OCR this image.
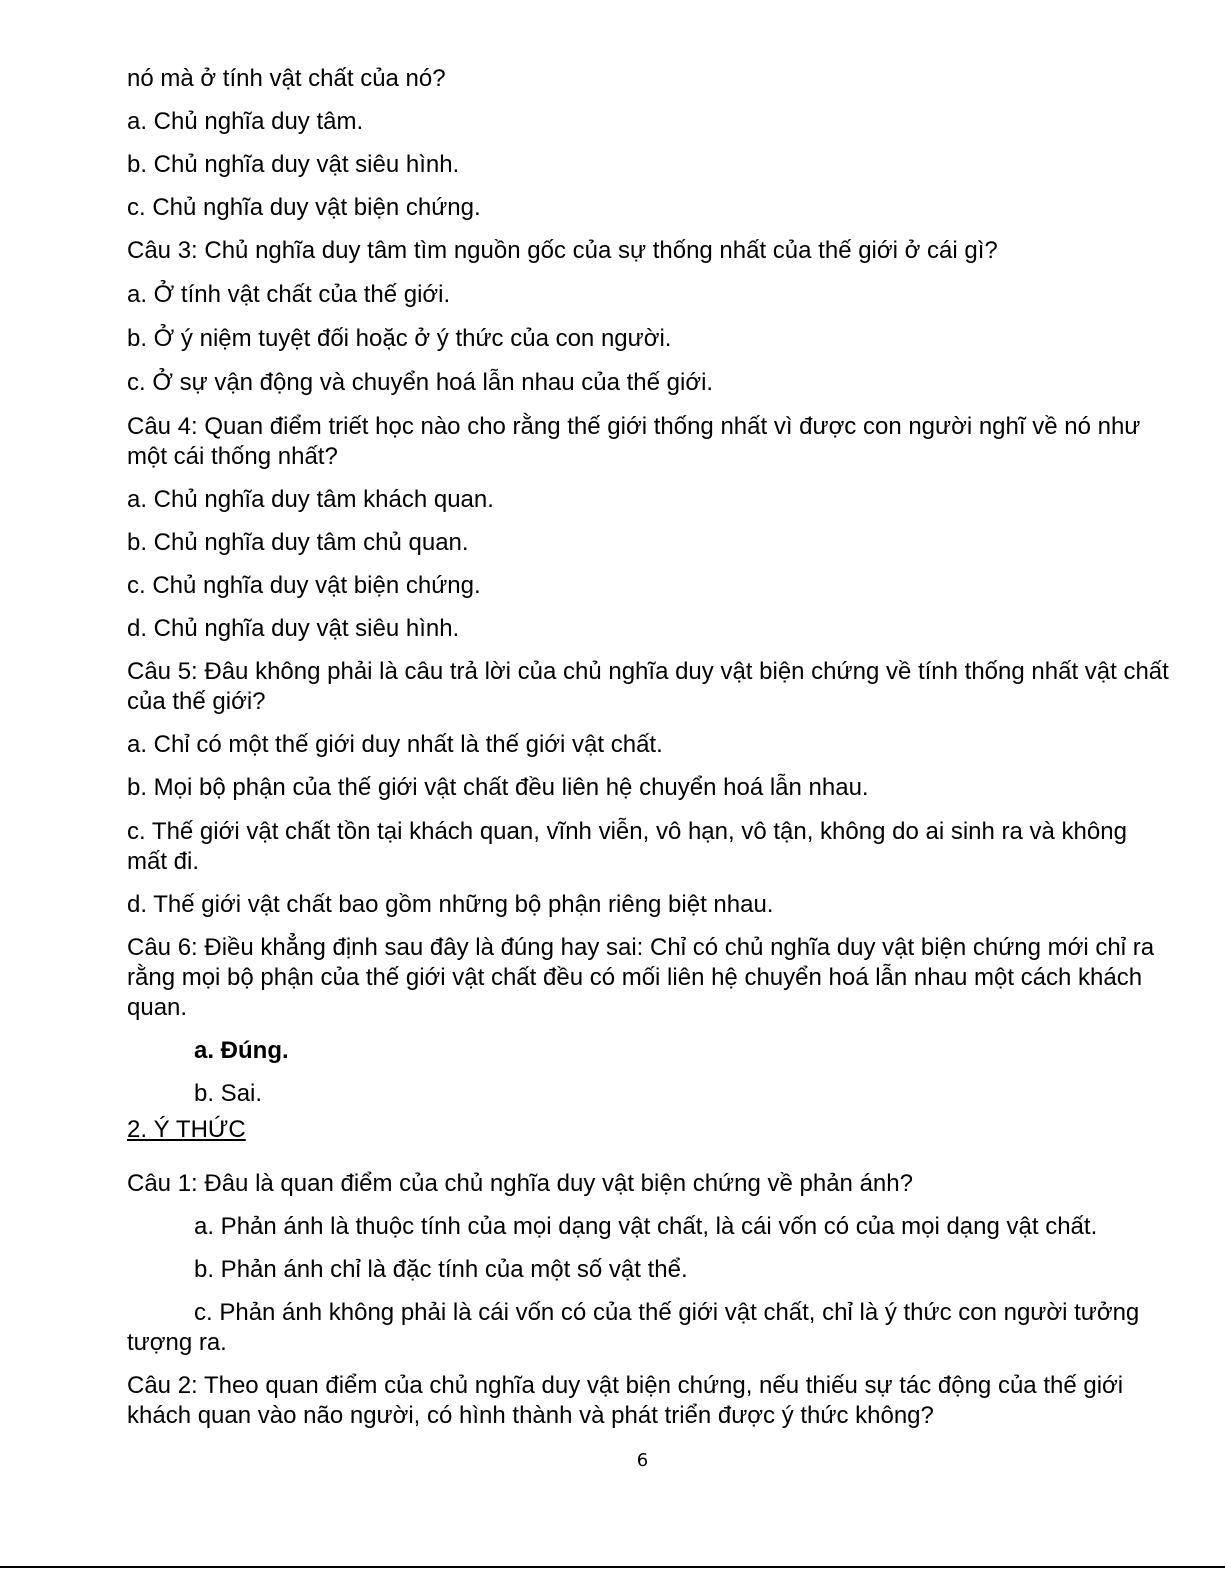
nó mà ở tính vật chất của nó?

a. Chủ nghĩa duy tâm.

b. Chủ nghĩa duy vật siêu hình.

c. Chủ nghĩa duy vật biện chứng.

Câu 3: Chủ nghĩa duy tâm tìm nguồn gốc của sự thống nhất của thế giới ở cái gì?

a. Ở tính vật chất của thế giới.

b. Ở ý niệm tuyệt đối hoặc ở ý thức của con người.

c. Ở sự vận động và chuyển hoá lẫn nhau của thế giới.

Câu 4: Quan điểm triết học nào cho rằng thế giới thống nhất vì được con người nghĩ về nó như một cái thống nhất?

a. Chủ nghĩa duy tâm khách quan.

b. Chủ nghĩa duy tâm chủ quan.

c. Chủ nghĩa duy vật biện chứng.

d. Chủ nghĩa duy vật siêu hình.

Câu 5: Đâu không phải là câu trả lời của chủ nghĩa duy vật biện chứng về tính thống nhất vật chất của thế giới?

a. Chỉ có một thế giới duy nhất là thế giới vật chất.

b. Mọi bộ phận của thế giới vật chất đều liên hệ chuyển hoá lẫn nhau.

c. Thế giới vật chất tồn tại khách quan, vĩnh viễn, vô hạn, vô tận, không do ai sinh ra và không mất đi.

d. Thế giới vật chất bao gồm những bộ phận riêng biệt nhau.

Câu 6: Điều khẳng định sau đây là đúng hay sai: Chỉ có chủ nghĩa duy vật biện chứng mới chỉ ra rằng mọi bộ phận của thế giới vật chất đều có mối liên hệ chuyển hoá lẫn nhau một cách khách quan.

a. Đúng.

b. Sai.

2. Ý THỨC

Câu 1: Đâu là quan điểm của chủ nghĩa duy vật biện chứng về phản ánh?

a. Phản ánh là thuộc tính của mọi dạng vật chất, là cái vốn có của mọi dạng vật chất.

b. Phản ánh chỉ là đặc tính của một số vật thể.

c. Phản ánh không phải là cái vốn có của thế giới vật chất, chỉ là ý thức con người tưởng tượng ra.

Câu 2: Theo quan điểm của chủ nghĩa duy vật biện chứng, nếu thiếu sự tác động của thế giới khách quan vào não người, có hình thành và phát triển được ý thức không?

6
